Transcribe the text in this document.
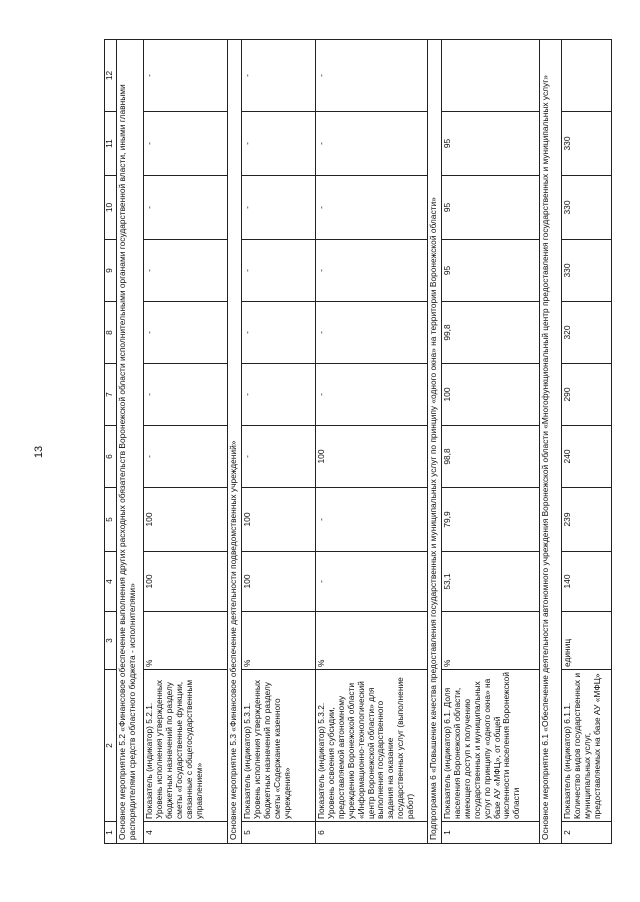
13
1	2	3	4	5	6	7	8	9	10	11	12
Основное мероприятие 5.2 «Финансовое обеспечение выполнения других расходных обязательств Воронежской области исполнительными органами государственной власти, иными главными распорядителями средств областного бюджета - исполнителями»											
4	Показатель (индикатор) 5.2.1. Уровень исполнения утвержденных бюджетных назначений по разделу сметы «Государственные функции, связанные с общегосударственным управлением»	%	100	100	-	-	-	-	-	-	-
Основное мероприятие 5.3 «Финансовое обеспечение деятельности подведомственных учреждений»											
5	Показатель (индикатор) 5.3.1. Уровень исполнения утвержденных бюджетных назначений по разделу сметы «Содержание казенного учреждения»	%	100	100	-	-	-	-	-	-	-
6	Показатель (индикатор) 5.3.2. Уровень освоения субсидии, предоставляемой автономному учреждению Воронежской области «Информационно-технологический центр Воронежской области» для выполнения государственного задания на оказание государственных услуг (выполнение работ)	%	-	-	100	-	-	-	-	-	-
Подпрограмма 6 «Повышение качества предоставления государственных и муниципальных услуг по принципу «одного окна» на территории Воронежской области»											
1	Показатель (индикатор) 6.1. Доля населения Воронежской области, имеющего доступ к получению государственных и муниципальных услуг по принципу «одного окна» на базе АУ «МФЦ», от общей численности населения Воронежской области	%	53,1	79,9	98,8	100	99,8	95	95	95	
Основное мероприятие 6.1 «Обеспечение деятельности автономного учреждения Воронежской области «Многофункциональный центр предоставления государственных и муниципальных услуг»											
2	Показатель (индикатор) 6.1.1. Количество видов государственных и муниципальных услуг, предоставляемых на базе АУ «МФЦ»	единиц	140	239	240	290	320	330	330	330	
